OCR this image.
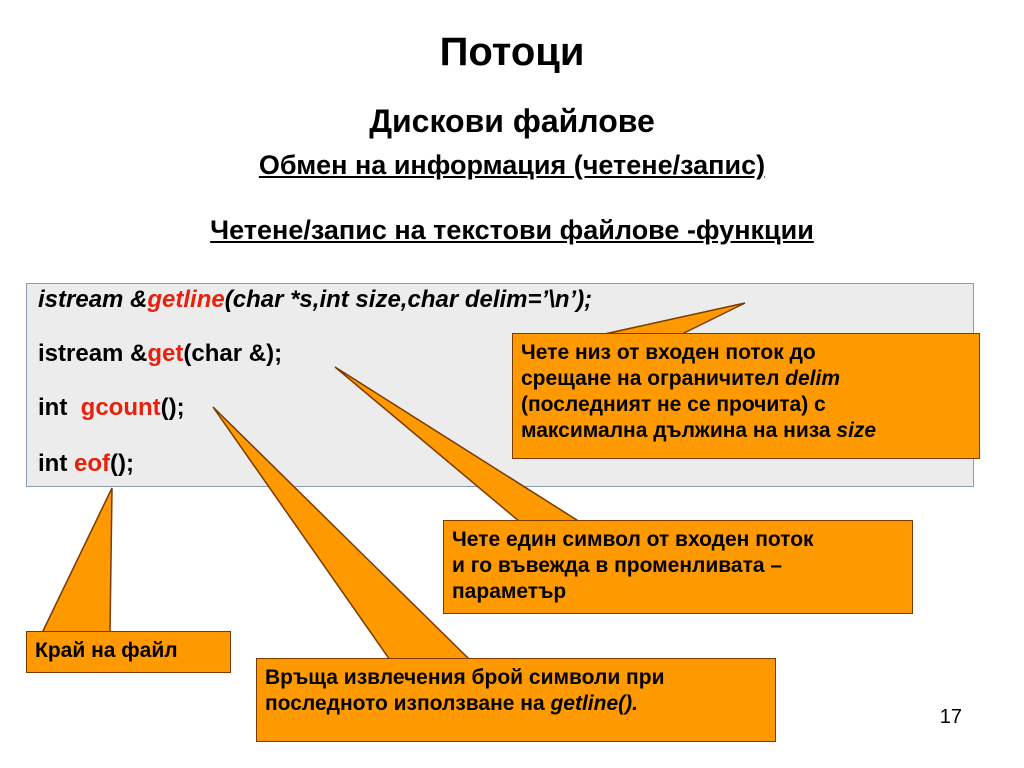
Потоци
Дискови файлове
Обмен на информация (четене/запис)
Четене/запис на текстови файлове -функции
istream &getline(char *s,int size,char delim=’\n’);
istream &get(char &);
int  gcount();
int eof();
Чете низ от входен поток до
срещане на ограничител delim
(последният не се прочита) с
максимална дължина на низа size
Чете един символ от входен поток
и го въвежда в променливата –
параметър
Край на файл
Връща извлечения брой символи при
последното използване на getline().
17
